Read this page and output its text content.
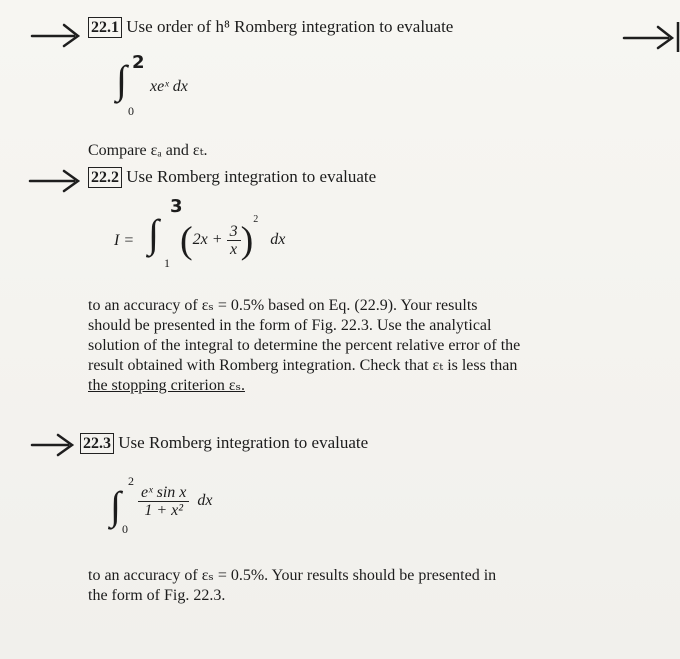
22.1 Use order of h⁸ Romberg integration to evaluate
2
∫
0
xeˣ dx
Compare εₐ and εₜ.
22.2 Use Romberg integration to evaluate
I =
3
∫
1
$(2x + \frac{3}{x} )^2$ dx
to an accuracy of εₛ = 0.5% based on Eq. (22.9). Your results
should be presented in the form of Fig. 22.3. Use the analytical
solution of the integral to determine the percent relative error of the
result obtained with Romberg integration. Check that εₜ is less than
the stopping criterion εₛ.
22.3 Use Romberg integration to evaluate
∫
2
0
$\frac{\text{eˣ sin x}}{\text{1 + x²}}$ dx
to an accuracy of εₛ = 0.5%. Your results should be presented in
the form of Fig. 22.3.
